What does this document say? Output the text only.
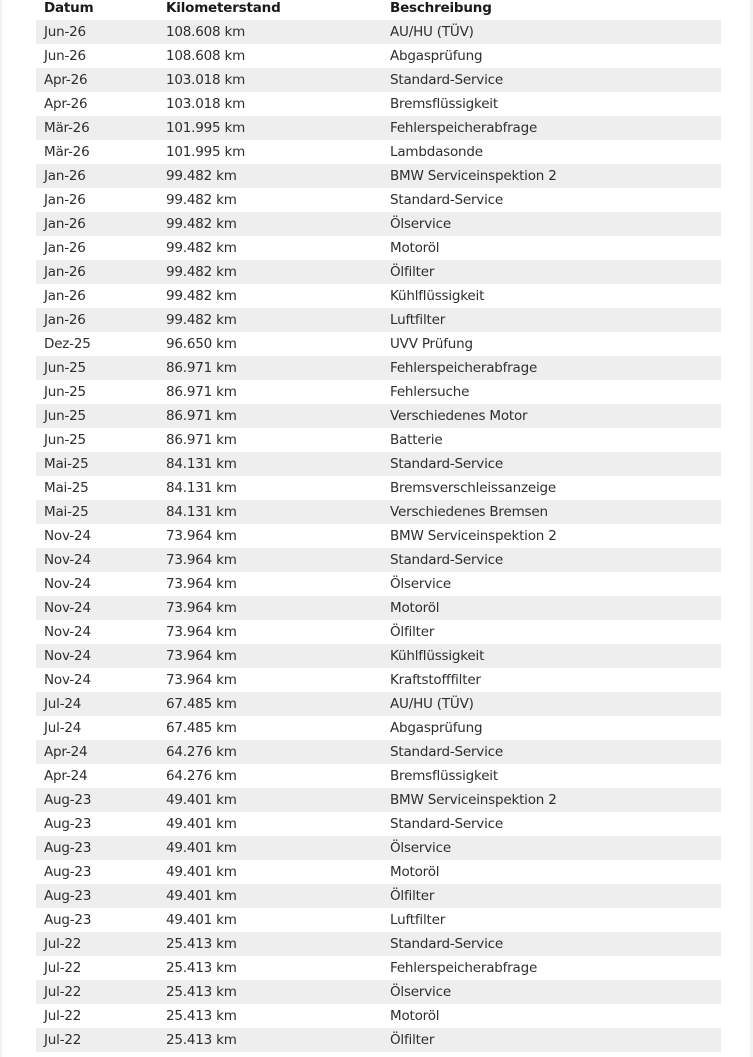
Datum	Kilometerstand	Beschreibung
Jun-26	108.608 km	AU/HU (TÜV)
Jun-26	108.608 km	Abgasprüfung
Apr-26	103.018 km	Standard-Service
Apr-26	103.018 km	Bremsflüssigkeit
Mär-26	101.995 km	Fehlerspeicherabfrage
Mär-26	101.995 km	Lambdasonde
Jan-26	99.482 km	BMW Serviceinspektion 2
Jan-26	99.482 km	Standard-Service
Jan-26	99.482 km	Ölservice
Jan-26	99.482 km	Motoröl
Jan-26	99.482 km	Ölfilter
Jan-26	99.482 km	Kühlflüssigkeit
Jan-26	99.482 km	Luftfilter
Dez-25	96.650 km	UVV Prüfung
Jun-25	86.971 km	Fehlerspeicherabfrage
Jun-25	86.971 km	Fehlersuche
Jun-25	86.971 km	Verschiedenes Motor
Jun-25	86.971 km	Batterie
Mai-25	84.131 km	Standard-Service
Mai-25	84.131 km	Bremsverschleissanzeige
Mai-25	84.131 km	Verschiedenes Bremsen
Nov-24	73.964 km	BMW Serviceinspektion 2
Nov-24	73.964 km	Standard-Service
Nov-24	73.964 km	Ölservice
Nov-24	73.964 km	Motoröl
Nov-24	73.964 km	Ölfilter
Nov-24	73.964 km	Kühlflüssigkeit
Nov-24	73.964 km	Kraftstofffilter
Jul-24	67.485 km	AU/HU (TÜV)
Jul-24	67.485 km	Abgasprüfung
Apr-24	64.276 km	Standard-Service
Apr-24	64.276 km	Bremsflüssigkeit
Aug-23	49.401 km	BMW Serviceinspektion 2
Aug-23	49.401 km	Standard-Service
Aug-23	49.401 km	Ölservice
Aug-23	49.401 km	Motoröl
Aug-23	49.401 km	Ölfilter
Aug-23	49.401 km	Luftfilter
Jul-22	25.413 km	Standard-Service
Jul-22	25.413 km	Fehlerspeicherabfrage
Jul-22	25.413 km	Ölservice
Jul-22	25.413 km	Motoröl
Jul-22	25.413 km	Ölfilter
